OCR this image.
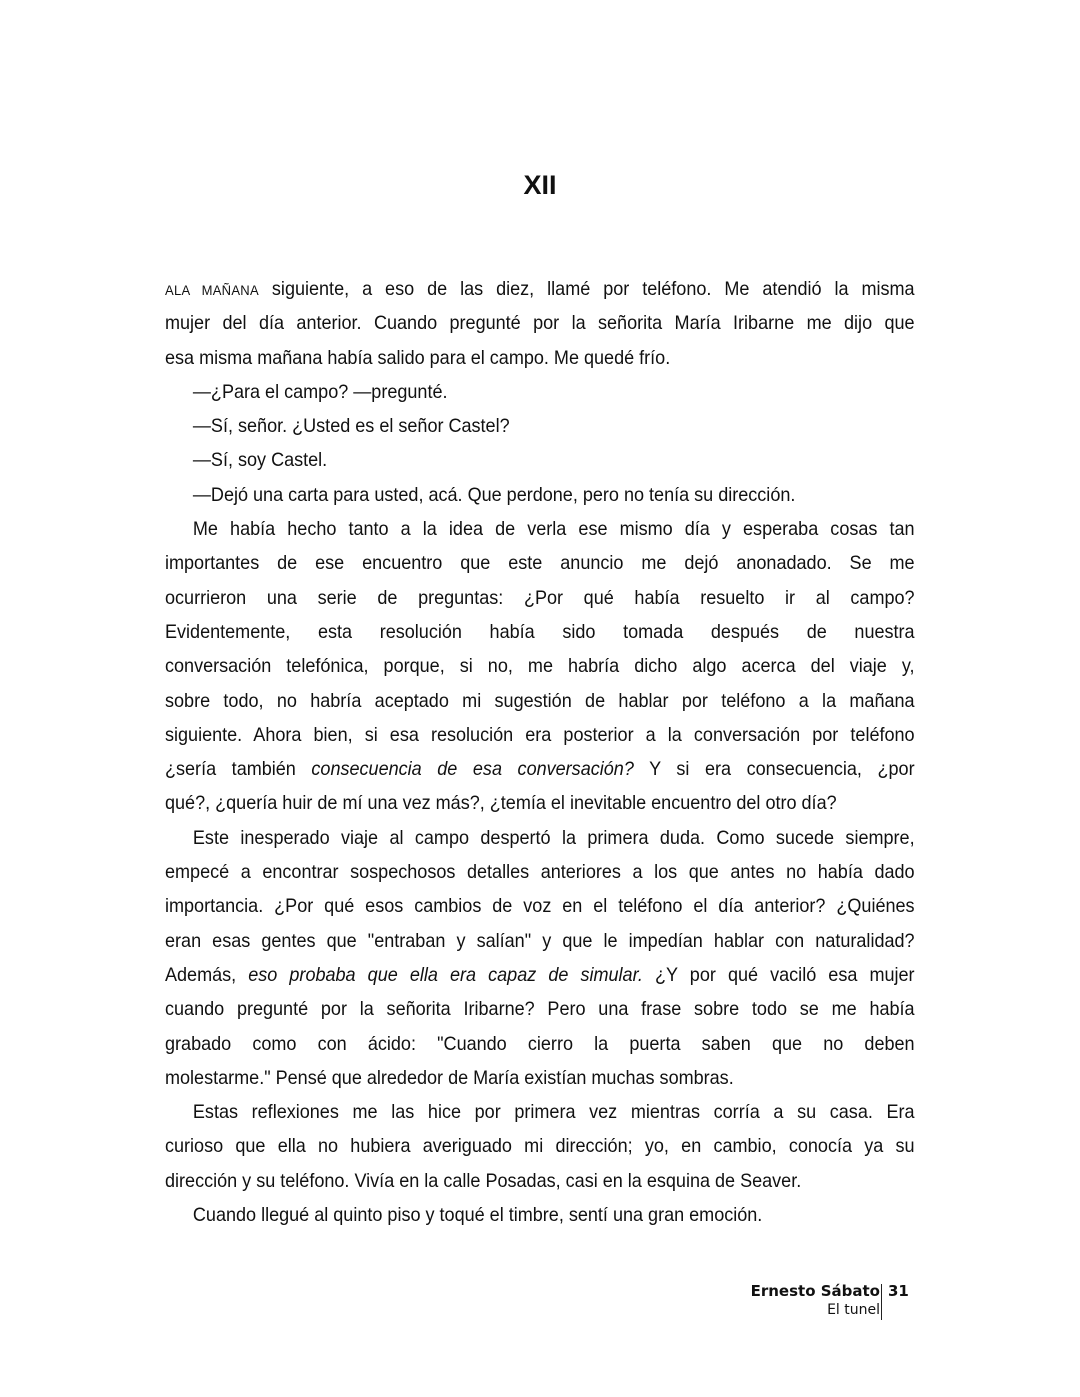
XII
ALA MAÑANA siguiente, a eso de las diez, llamé por teléfono. Me atendió la misma
mujer del día anterior. Cuando pregunté por la señorita María Iribarne me dijo que
esa misma mañana había salido para el campo. Me quedé frío.
—¿Para el campo? —pregunté.
—Sí, señor. ¿Usted es el señor Castel?
—Sí, soy Castel.
—Dejó una carta para usted, acá. Que perdone, pero no tenía su dirección.
Me había hecho tanto a la idea de verla ese mismo día y esperaba cosas tan
importantes de ese encuentro que este anuncio me dejó anonadado. Se me
ocurrieron una serie de preguntas: ¿Por qué había resuelto ir al campo?
Evidentemente, esta resolución había sido tomada después de nuestra
conversación telefónica, porque, si no, me habría dicho algo acerca del viaje y,
sobre todo, no habría aceptado mi sugestión de hablar por teléfono a la mañana
siguiente. Ahora bien, si esa resolución era posterior a la conversación por teléfono
¿sería también consecuencia de esa conversación? Y si era consecuencia, ¿por
qué?, ¿quería huir de mí una vez más?, ¿temía el inevitable encuentro del otro día?
Este inesperado viaje al campo despertó la primera duda. Como sucede siempre,
empecé a encontrar sospechosos detalles anteriores a los que antes no había dado
importancia. ¿Por qué esos cambios de voz en el teléfono el día anterior? ¿Quiénes
eran esas gentes que "entraban y salían" y que le impedían hablar con naturalidad?
Además, eso probaba que ella era capaz de simular. ¿Y por qué vaciló esa mujer
cuando pregunté por la señorita Iribarne? Pero una frase sobre todo se me había
grabado como con ácido: "Cuando cierro la puerta saben que no deben
molestarme." Pensé que alrededor de María existían muchas sombras.
Estas reflexiones me las hice por primera vez mientras corría a su casa. Era
curioso que ella no hubiera averiguado mi dirección; yo, en cambio, conocía ya su
dirección y su teléfono. Vivía en la calle Posadas, casi en la esquina de Seaver.
Cuando llegué al quinto piso y toqué el timbre, sentí una gran emoción.
Ernesto Sábato
El tunel
31
